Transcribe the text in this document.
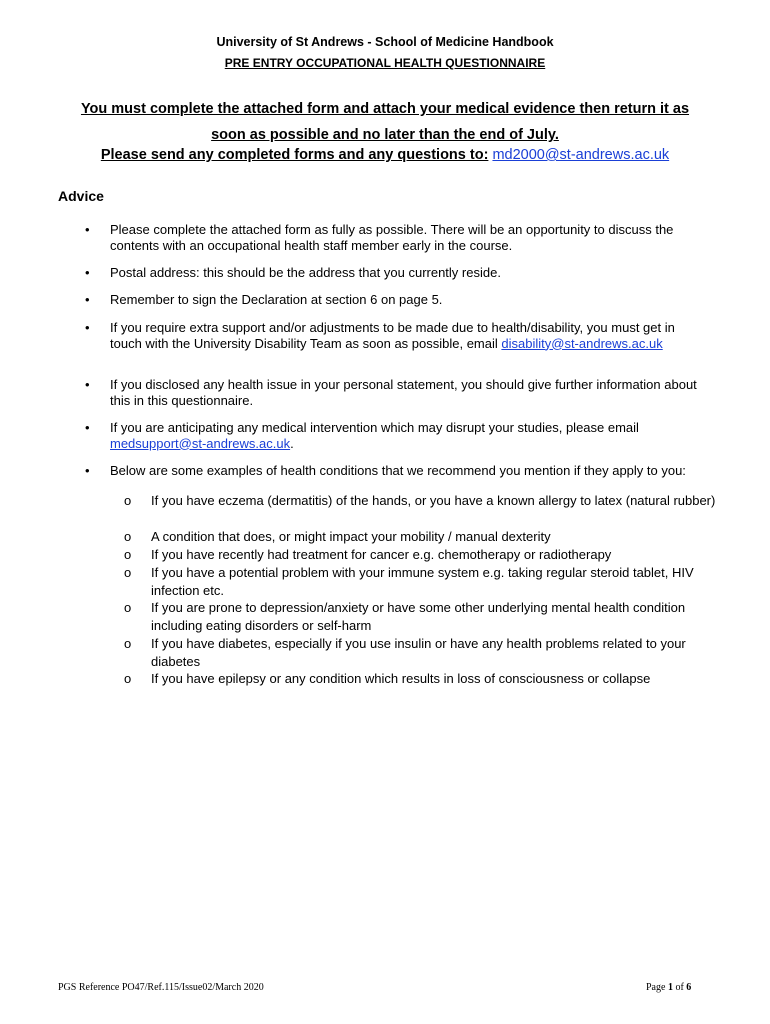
University of St Andrews - School of Medicine Handbook
PRE ENTRY OCCUPATIONAL HEALTH QUESTIONNAIRE
You must complete the attached form and attach your medical evidence then return it as
soon as possible and no later than the end of July.
Please send any completed forms and any questions to: md2000@st-andrews.ac.uk
Advice
•	Please complete the attached form as fully as possible. There will be an opportunity to discuss the contents with an occupational health staff member early in the course.
•	Postal address: this should be the address that you currently reside.
•	Remember to sign the Declaration at section 6 on page 5.
•	If you require extra support and/or adjustments to be made due to health/disability, you must get in touch with the University Disability Team as soon as possible, email disability@st-andrews.ac.uk
•	If you disclosed any health issue in your personal statement, you should give further information about this in this questionnaire.
•	If you are anticipating any medical intervention which may disrupt your studies, please email medsupport@st-andrews.ac.uk.
•	Below are some examples of health conditions that we recommend you mention if they apply to you:
o If you have eczema (dermatitis) of the hands, or you have a known allergy to latex (natural rubber)
o A condition that does, or might impact your mobility / manual dexterity
o If you have recently had treatment for cancer e.g. chemotherapy or radiotherapy
o If you have a potential problem with your immune system e.g. taking regular steroid tablet, HIV infection etc.
o If you are prone to depression/anxiety or have some other underlying mental health condition including eating disorders or self-harm
o If you have diabetes, especially if you use insulin or have any health problems related to your diabetes
o If you have epilepsy or any condition which results in loss of consciousness or collapse
PGS Reference PO47/Ref.115/Issue02/March 2020	Page 1 of 6
